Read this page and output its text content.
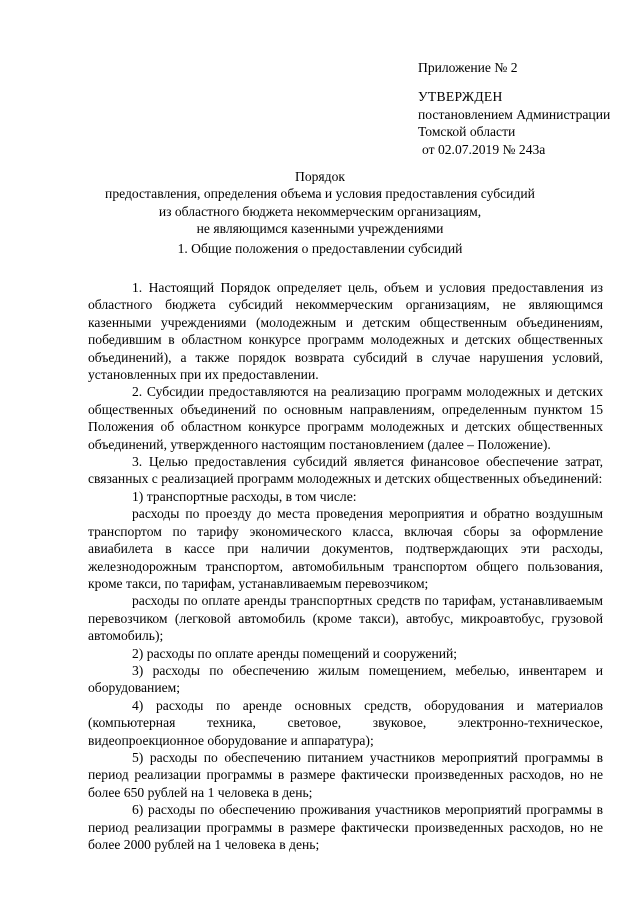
Приложение № 2

УТВЕРЖДЕН

постановлением Администрации

Томской области

от 02.07.2019 № 243а

Порядок

предоставления, определения объема и условия предоставления субсидий

из областного бюджета некоммерческим организациям,

не являющимся казенными учреждениями

1. Общие положения о предоставлении субсидий

1. Настоящий Порядок определяет цель, объем и условия предоставления из областного бюджета субсидий некоммерческим организациям, не являющимся казенными учреждениями (молодежным и детским общественным объединениям, победившим в областном конкурсе программ молодежных и детских общественных объединений), а также порядок возврата субсидий в случае нарушения условий, установленных при их предоставлении.

2. Субсидии предоставляются на реализацию программ молодежных и детских общественных объединений по основным направлениям, определенным пунктом 15 Положения об областном конкурсе программ молодежных и детских общественных объединений, утвержденного настоящим постановлением (далее – Положение).

3. Целью предоставления субсидий является финансовое обеспечение затрат, связанных с реализацией программ молодежных и детских общественных объединений:

1) транспортные расходы, в том числе:

расходы по проезду до места проведения мероприятия и обратно воздушным транспортом по тарифу экономического класса, включая сборы за оформление авиабилета в кассе при наличии документов, подтверждающих эти расходы, железнодорожным транспортом, автомобильным транспортом общего пользования, кроме такси, по тарифам, устанавливаемым перевозчиком;

расходы по оплате аренды транспортных средств по тарифам, устанавливаемым перевозчиком (легковой автомобиль (кроме такси), автобус, микроавтобус, грузовой автомобиль);

2) расходы по оплате аренды помещений и сооружений;

3) расходы по обеспечению жилым помещением, мебелью, инвентарем и оборудованием;

4) расходы по аренде основных средств, оборудования и материалов (компьютерная техника, световое, звуковое, электронно-техническое, видеопроекционное оборудование и аппаратура);

5) расходы по обеспечению питанием участников мероприятий программы в период реализации программы в размере фактически произведенных расходов, но не более 650 рублей на 1 человека в день;

6) расходы по обеспечению проживания участников мероприятий программы в период реализации программы в размере фактически произведенных расходов, но не более 2000 рублей на 1 человека в день;
